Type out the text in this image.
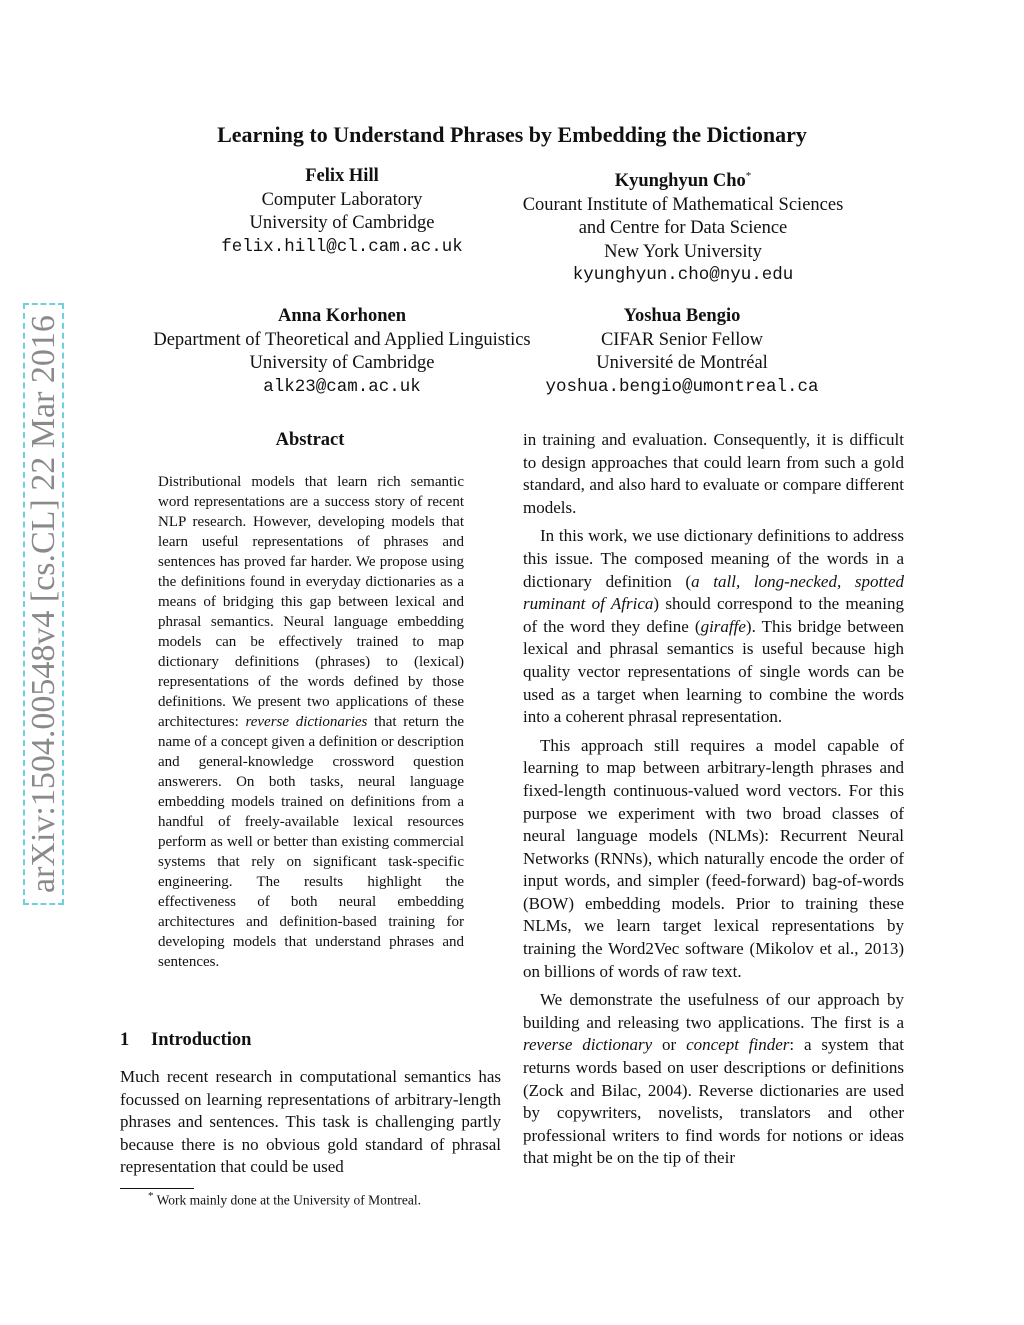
arXiv:1504.00548v4 [cs.CL] 22 Mar 2016
Learning to Understand Phrases by Embedding the Dictionary
Felix Hill
Computer Laboratory
University of Cambridge
felix.hill@cl.cam.ac.uk
Kyunghyun Cho*
Courant Institute of Mathematical Sciences
and Centre for Data Science
New York University
kyunghyun.cho@nyu.edu
Anna Korhonen
Department of Theoretical and Applied Linguistics
University of Cambridge
alk23@cam.ac.uk
Yoshua Bengio
CIFAR Senior Fellow
Université de Montréal
yoshua.bengio@umontreal.ca
Abstract

Distributional models that learn rich semantic word representations are a success story of recent NLP research. However, developing models that learn useful representations of phrases and sentences has proved far harder. We propose using the definitions found in everyday dictionaries as a means of bridging this gap between lexical and phrasal semantics. Neural language embedding models can be effectively trained to map dictionary definitions (phrases) to (lexical) representations of the words defined by those definitions. We present two applications of these architectures: reverse dictionaries that return the name of a concept given a definition or description and general-knowledge crossword question answerers. On both tasks, neural language embedding models trained on definitions from a handful of freely-available lexical resources perform as well or better than existing commercial systems that rely on significant task-specific engineering. The results highlight the effectiveness of both neural embedding architectures and definition-based training for developing models that understand phrases and sentences.

1 Introduction

Much recent research in computational semantics has focussed on learning representations of arbitrary-length phrases and sentences. This task is challenging partly because there is no obvious gold standard of phrasal representation that could be used

in training and evaluation. Consequently, it is difficult to design approaches that could learn from such a gold standard, and also hard to evaluate or compare different models.

In this work, we use dictionary definitions to address this issue. The composed meaning of the words in a dictionary definition (a tall, long-necked, spotted ruminant of Africa) should correspond to the meaning of the word they define (giraffe). This bridge between lexical and phrasal semantics is useful because high quality vector representations of single words can be used as a target when learning to combine the words into a coherent phrasal representation.

This approach still requires a model capable of learning to map between arbitrary-length phrases and fixed-length continuous-valued word vectors. For this purpose we experiment with two broad classes of neural language models (NLMs): Recurrent Neural Networks (RNNs), which naturally encode the order of input words, and simpler (feed-forward) bag-of-words (BOW) embedding models. Prior to training these NLMs, we learn target lexical representations by training the Word2Vec software (Mikolov et al., 2013) on billions of words of raw text.

We demonstrate the usefulness of our approach by building and releasing two applications. The first is a reverse dictionary or concept finder: a system that returns words based on user descriptions or definitions (Zock and Bilac, 2004). Reverse dictionaries are used by copywriters, novelists, translators and other professional writers to find words for notions or ideas that might be on the tip of their

* Work mainly done at the University of Montreal.
